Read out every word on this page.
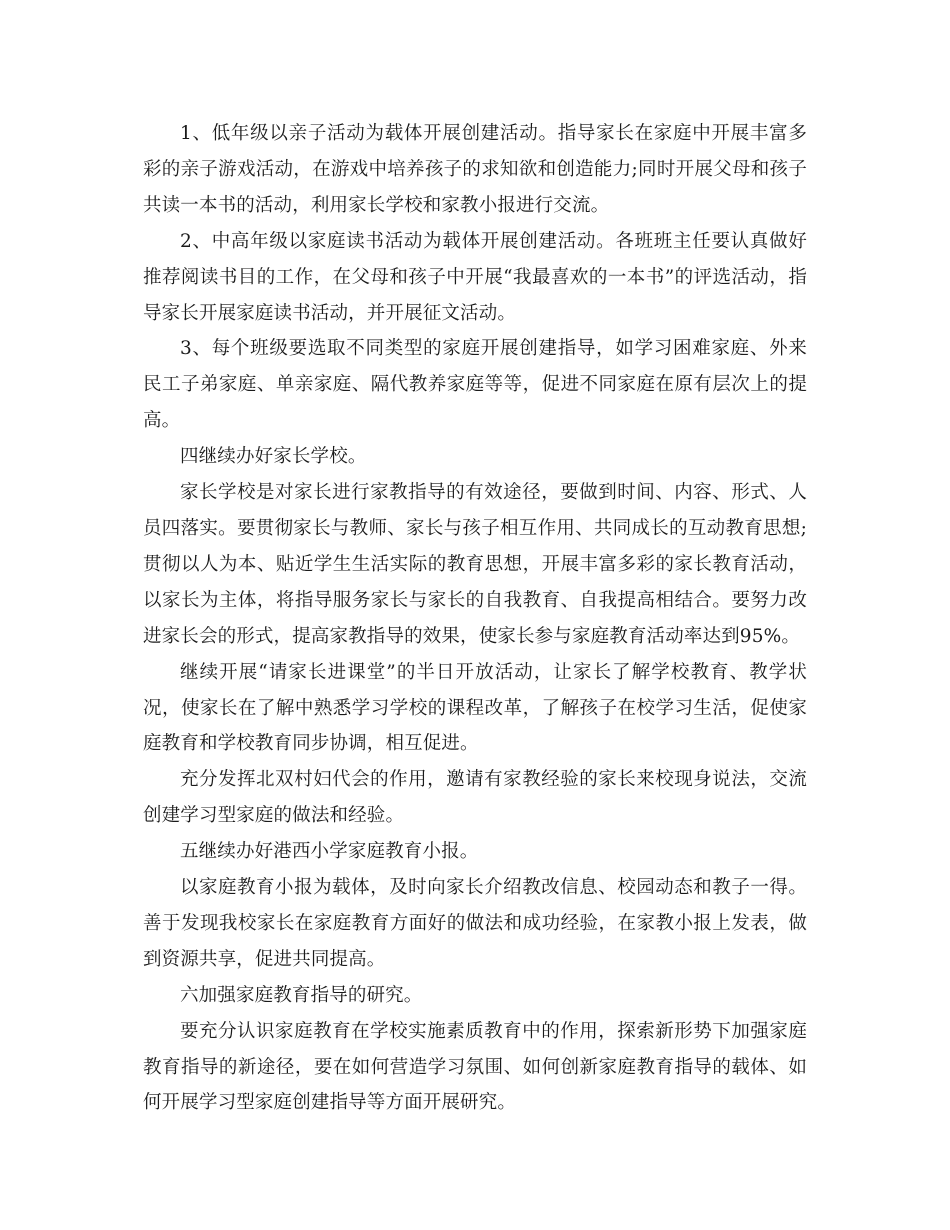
1、低年级以亲子活动为载体开展创建活动。指导家长在家庭中开展丰富多彩的亲子游戏活动，在游戏中培养孩子的求知欲和创造能力;同时开展父母和孩子共读一本书的活动，利用家长学校和家教小报进行交流。

2、中高年级以家庭读书活动为载体开展创建活动。各班班主任要认真做好推荐阅读书目的工作，在父母和孩子中开展“我最喜欢的一本书”的评选活动，指导家长开展家庭读书活动，并开展征文活动。

3、每个班级要选取不同类型的家庭开展创建指导，如学习困难家庭、外来民工子弟家庭、单亲家庭、隔代教养家庭等等，促进不同家庭在原有层次上的提高。

四继续办好家长学校。

家长学校是对家长进行家教指导的有效途径，要做到时间、内容、形式、人员四落实。要贯彻家长与教师、家长与孩子相互作用、共同成长的互动教育思想;贯彻以人为本、贴近学生生活实际的教育思想，开展丰富多彩的家长教育活动，以家长为主体，将指导服务家长与家长的自我教育、自我提高相结合。要努力改进家长会的形式，提高家教指导的效果，使家长参与家庭教育活动率达到95%。

继续开展“请家长进课堂”的半日开放活动，让家长了解学校教育、教学状况，使家长在了解中熟悉学习学校的课程改革，了解孩子在校学习生活，促使家庭教育和学校教育同步协调，相互促进。

充分发挥北双村妇代会的作用，邀请有家教经验的家长来校现身说法，交流创建学习型家庭的做法和经验。

五继续办好港西小学家庭教育小报。

以家庭教育小报为载体，及时向家长介绍教改信息、校园动态和教子一得。善于发现我校家长在家庭教育方面好的做法和成功经验，在家教小报上发表，做到资源共享，促进共同提高。

六加强家庭教育指导的研究。

要充分认识家庭教育在学校实施素质教育中的作用，探索新形势下加强家庭教育指导的新途径，要在如何营造学习氛围、如何创新家庭教育指导的载体、如何开展学习型家庭创建指导等方面开展研究。
